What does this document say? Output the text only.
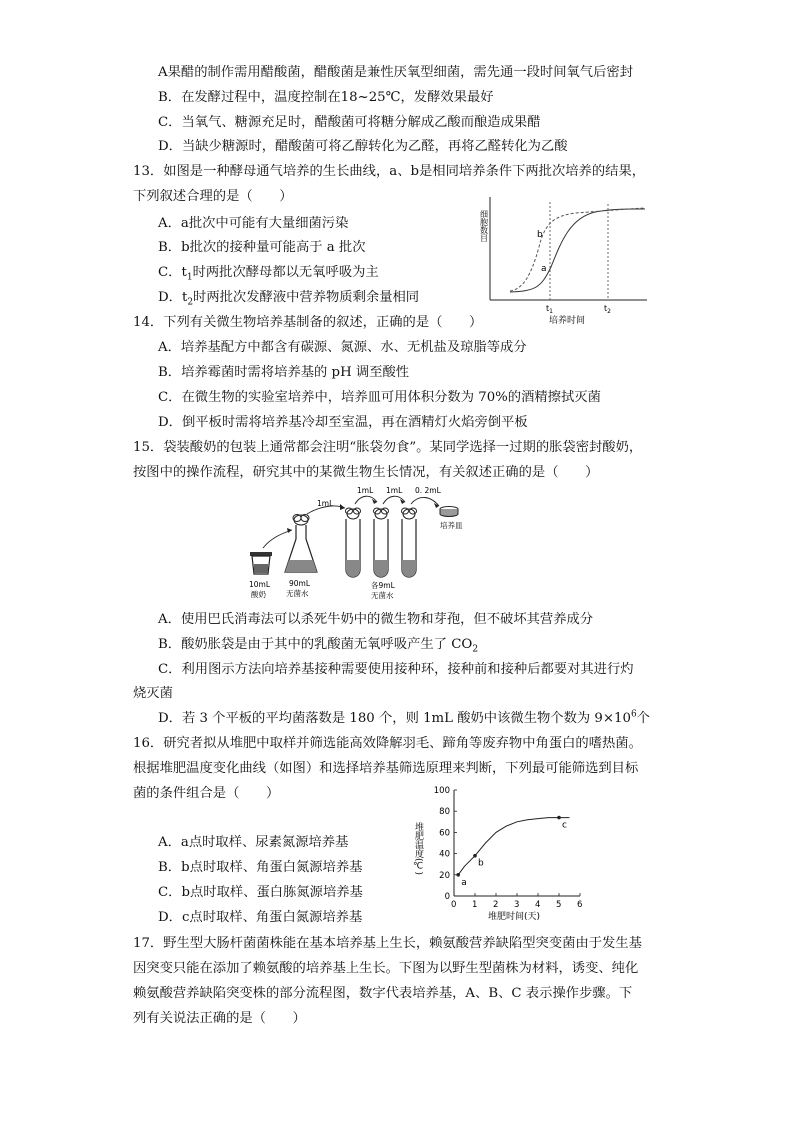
A果醋的制作需用醋酸菌，醋酸菌是兼性厌氧型细菌，需先通一段时间氧气后密封
B．在发酵过程中，温度控制在18~25℃，发酵效果最好
C．当氧气、糖源充足时，醋酸菌可将糖分解成乙酸而酿造成果醋
D．当缺少糖源时，醋酸菌可将乙醇转化为乙醛，再将乙醛转化为乙酸
13．如图是一种酵母通气培养的生长曲线，a、b是相同培养条件下两批次培养的结果，
下列叙述合理的是（　　）
A．a批次中可能有大量细菌污染
B．b批次的接种量可能高于 a 批次
C．$t_1$时两批次酵母都以无氧呼吸为主
D．$t_2$时两批次发酵液中营养物质剩余量相同
细胞数目	b
a
$t_1$	$t_2$
培养时间
14．下列有关微生物培养基制备的叙述，正确的是（　　）
A．培养基配方中都含有碳源、氮源、水、无机盐及琼脂等成分
B．培养霉菌时需将培养基的 pH 调至酸性
C．在微生物的实验室培养中，培养皿可用体积分数为 70%的酒精擦拭灭菌
D．倒平板时需将培养基冷却至室温，再在酒精灯火焰旁倒平板
15．袋装酸奶的包装上通常都会注明“胀袋勿食”。某同学选择一过期的胀袋密封酸奶，
按图中的操作流程，研究其中的某微生物生长情况，有关叙述正确的是（　　）
10mL
酸奶
90mL
无菌水
1mL
1mL 1mL 0. 2mL
培养皿
各9mL
无菌水
A．使用巴氏消毒法可以杀死牛奶中的微生物和芽孢，但不破坏其营养成分
B．酸奶胀袋是由于其中的乳酸菌无氧呼吸产生了 $CO_2$
C．利用图示方法向培养基接种需要使用接种环，接种前和接种后都要对其进行灼
烧灭菌
D．若 3 个平板的平均菌落数是 180 个，则 1mL 酸奶中该微生物个数为 $9\times 10^6$个
16．研究者拟从堆肥中取样并筛选能高效降解羽毛、蹄角等废弃物中角蛋白的嗜热菌。
根据堆肥温度变化曲线（如图）和选择培养基筛选原理来判断，下列最可能筛选到目标
菌的条件组合是（　　）
A．a点时取样、尿素氮源培养基
B．b点时取样、角蛋白氮源培养基
C．b点时取样、蛋白胨氮源培养基
D．c点时取样、角蛋白氮源培养基
堆肥温度(℃)
堆肥时间(天)
0 1 2 3 4 5 6
0
20
40
60
80
100
a
b
c
17．野生型大肠杆菌菌株能在基本培养基上生长，赖氨酸营养缺陷型突变菌由于发生基
因突变只能在添加了赖氨酸的培养基上生长。下图为以野生型菌株为材料，诱变、纯化
赖氨酸营养缺陷突变株的部分流程图，数字代表培养基，A、B、C 表示操作步骤。下
列有关说法正确的是（　　）
